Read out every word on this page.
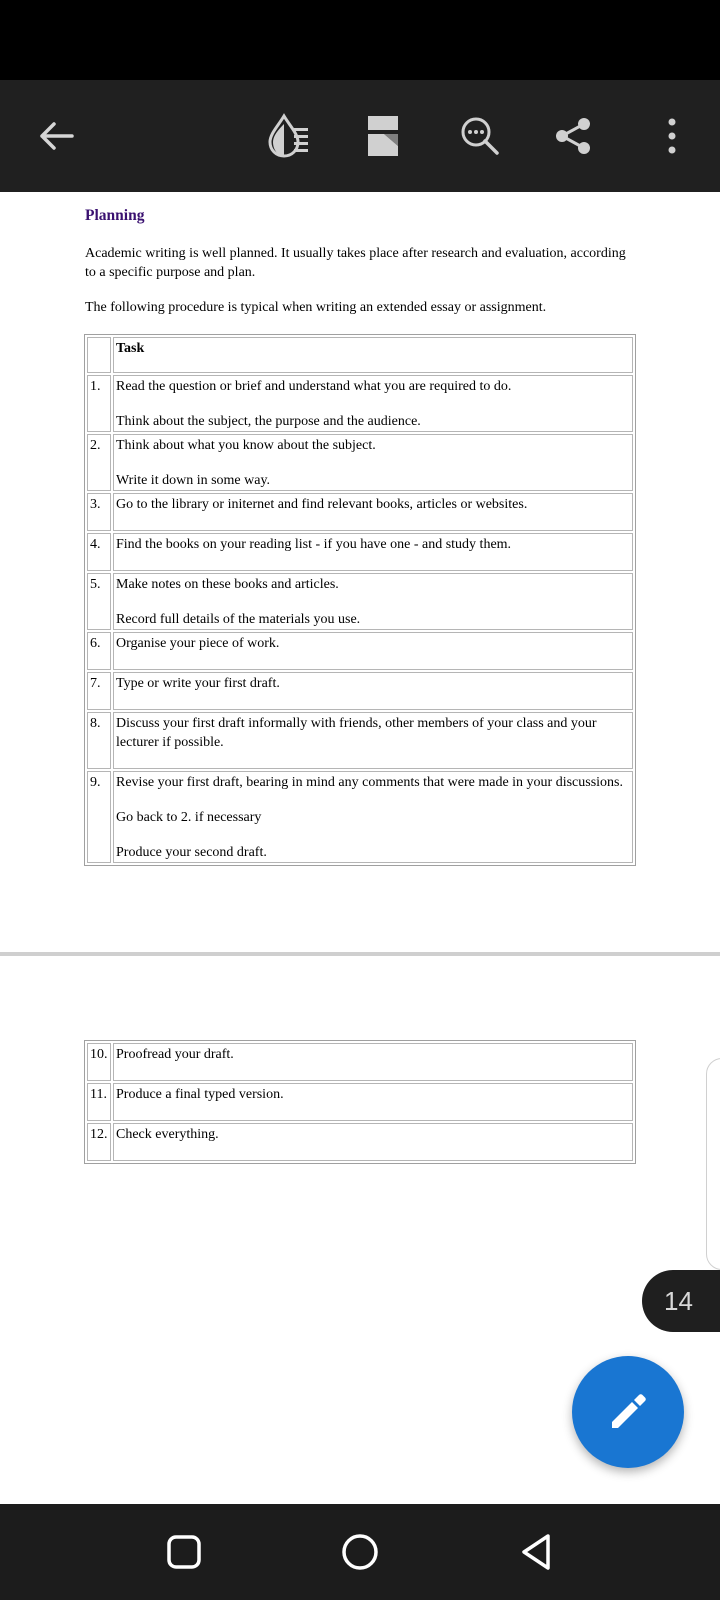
Planning
Academic writing is well planned. It usually takes place after research and evaluation, according to a specific purpose and plan.
The following procedure is typical when writing an extended essay or assignment.
	Task
1.	Read the question or brief and understand what you are required to do.
Think about the subject, the purpose and the audience.

2.	Think about what you know about the subject.
Write it down in some way.

3.	Go to the library or initernet and find relevant books, articles or websites.

4.	Find the books on your reading list - if you have one - and study them.

5.	Make notes on these books and articles.
Record full details of the materials you use.

6.	Organise your piece of work.

7.	Type or write your first draft.

8.	Discuss your first draft informally with friends, other members of your class and your lecturer if possible.

9.	Revise your first draft, bearing in mind any comments that were made in your discussions.
Go back to 2. if necessary
Produce your second draft.
10.	Proofread your draft.

11.	Produce a final typed version.

12.	Check everything.
14
